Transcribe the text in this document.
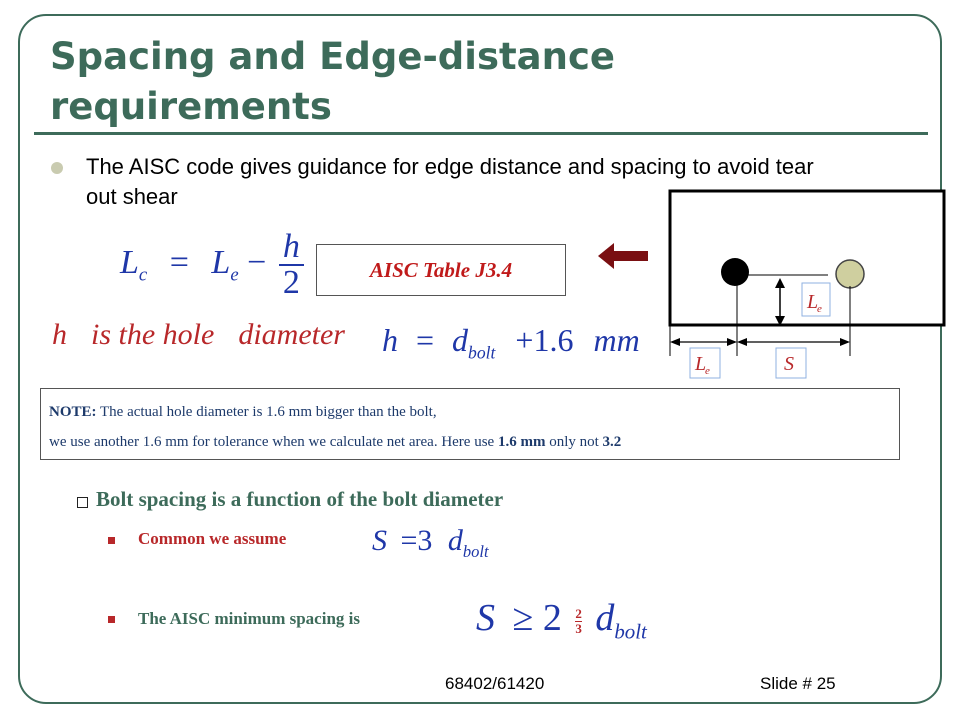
Spacing and Edge-distance requirements
The AISC code gives guidance for edge distance and spacing to avoid tear out shear
$L_c = L_e - \frac{h}{2}$	AISC Table J3.4
h is the hole diameter	$h = d_{bolt} +1.6$ mm
L
e
L
e	S

NOTE: The actual hole diameter is 1.6 mm bigger than the bolt,

we use another 1.6 mm for tolerance when we calculate net area. Here use 1.6 mm only not 3.2

Bolt spacing is a function of the bolt diameter
Common we assume	S =3 $d_{bolt}$
The AISC minimum spacing is	$S \ge 2 \frac{2}{3} d_{bolt}$
68402/61420	Slide # 25
